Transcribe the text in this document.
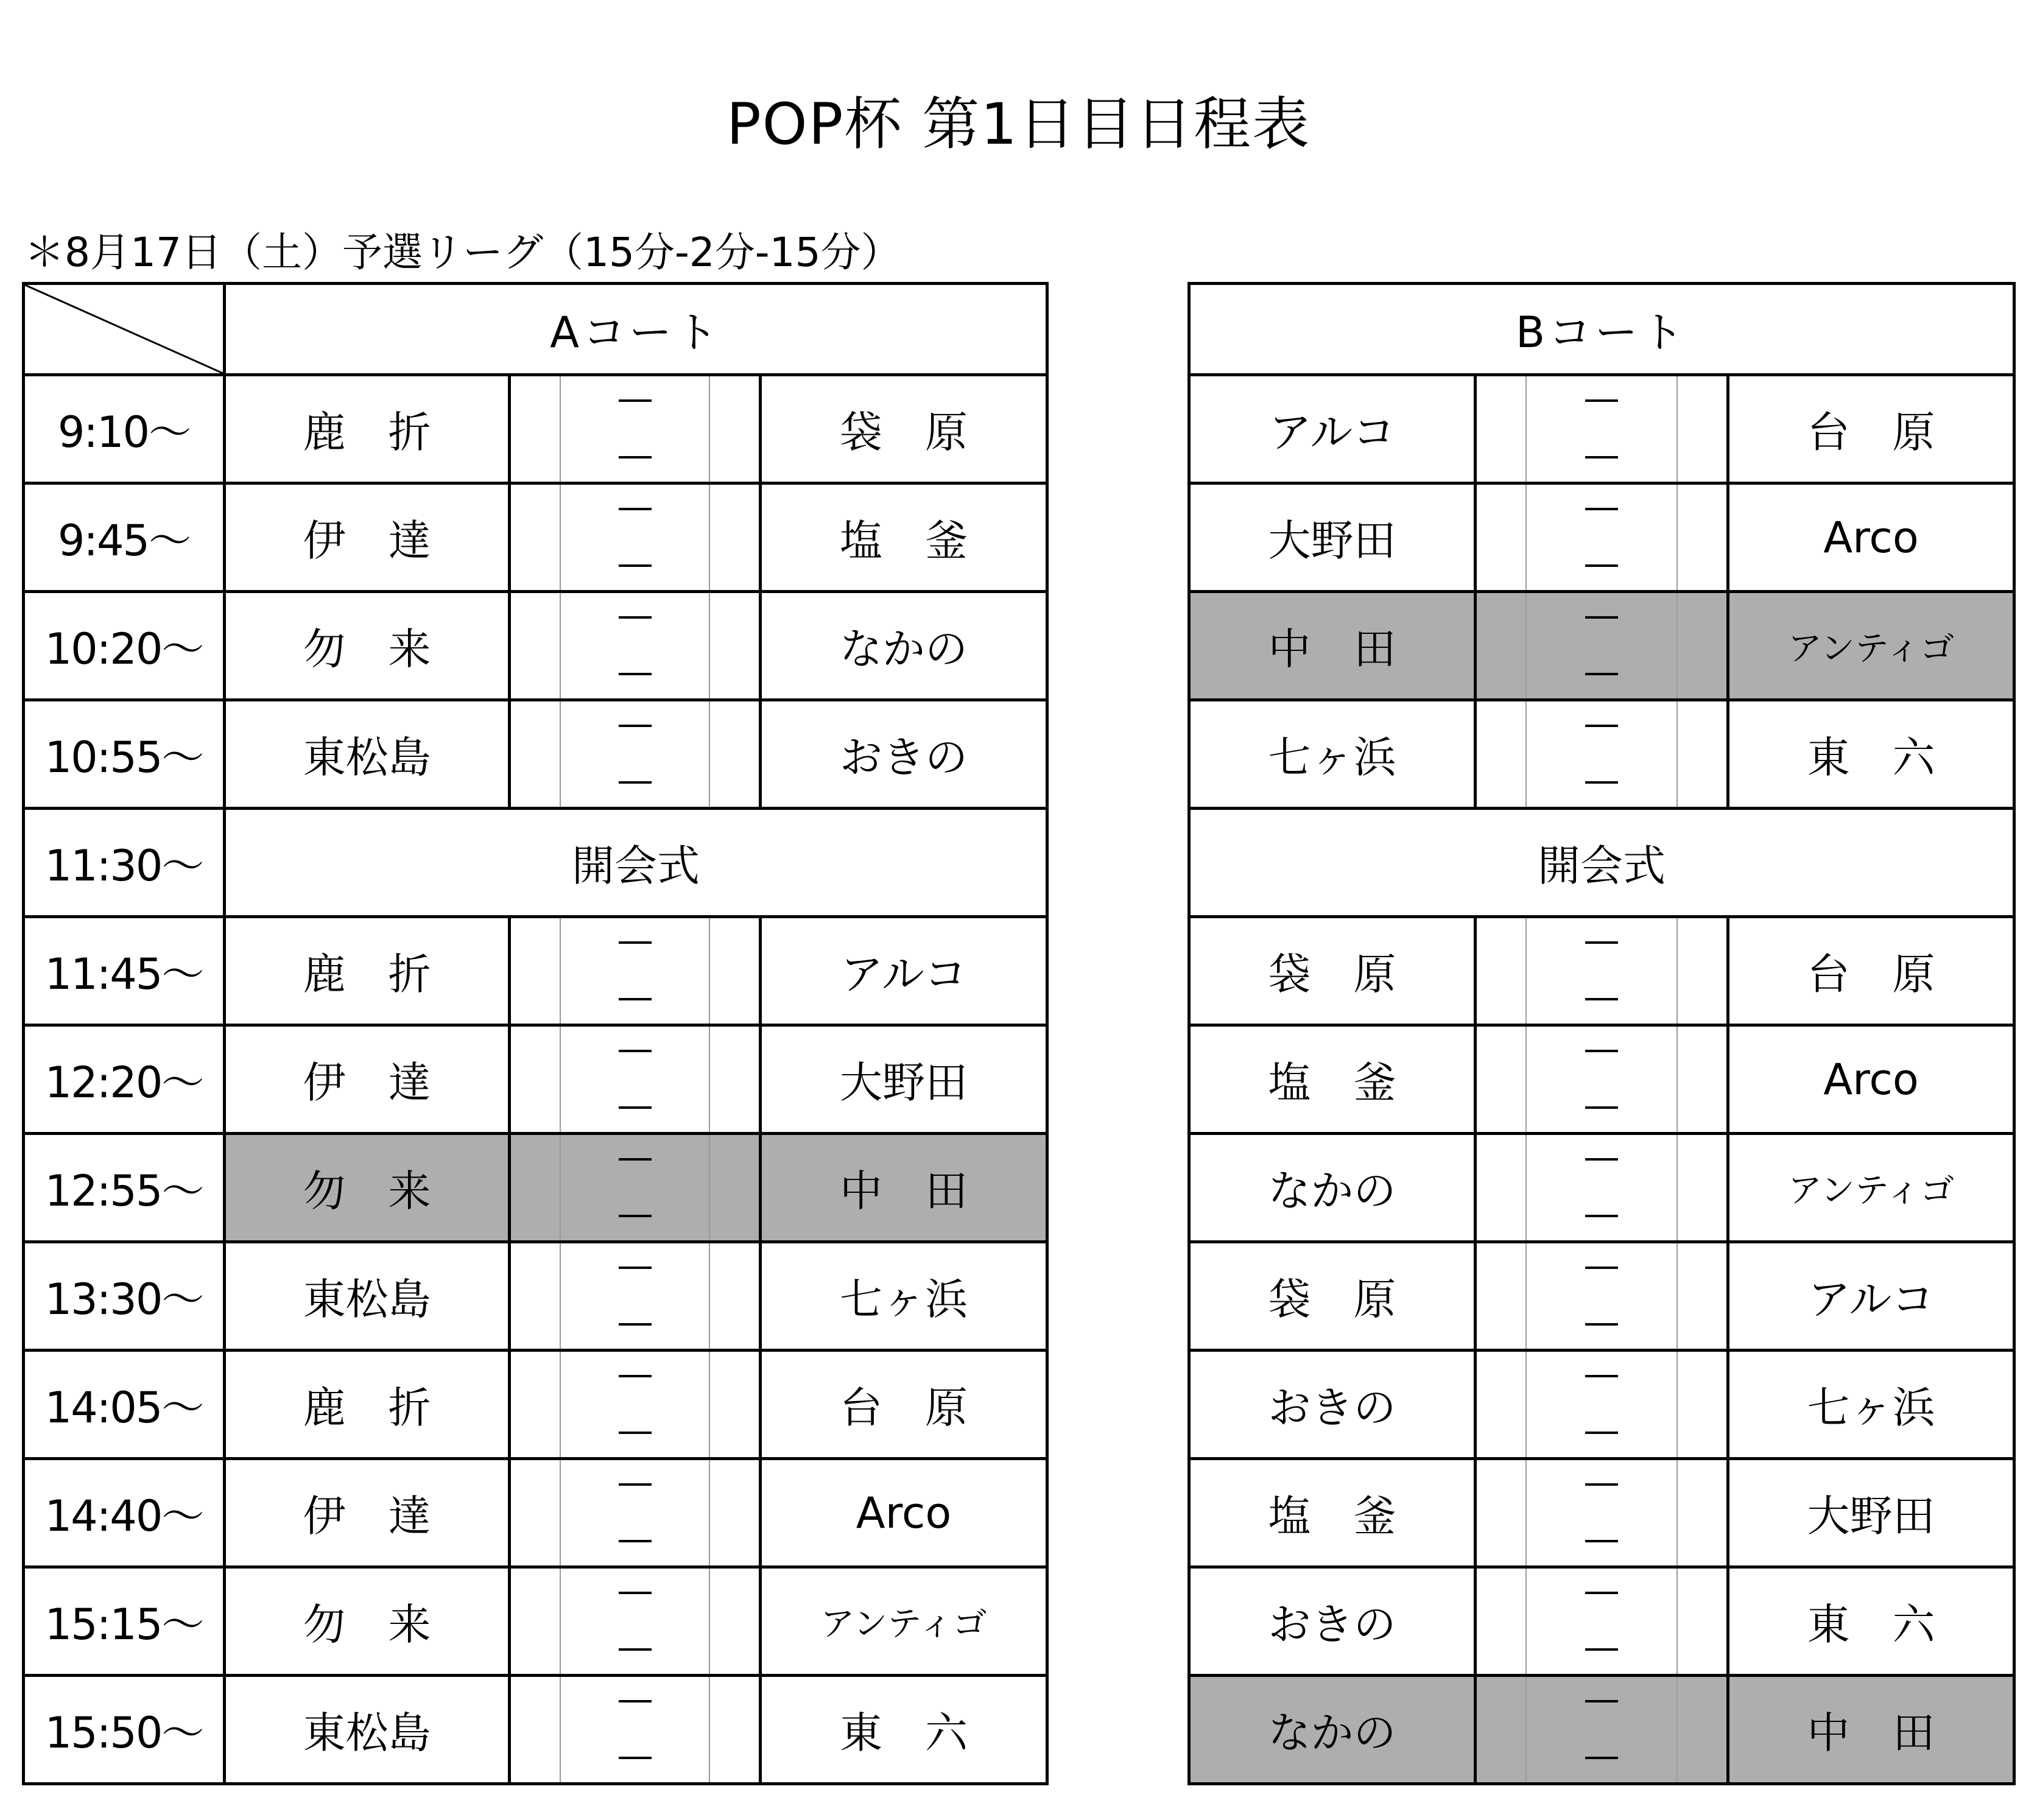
POP杯 第1日目日程表
＊8月17日（土）予選リーグ（15分-2分-15分）
	Aコート		
9:10～	鹿　折		袋　原
9:45～	伊　達		塩　釜
10:20～	勿　来		なかの
10:55～	東松島		おきの
11:30～	開会式		
11:45～	鹿　折		アルコ
12:20～	伊　達		大野田
12:55～	勿　来		中　田
13:30～	東松島		七ヶ浜
14:05～	鹿　折		台　原
14:40～	伊　達		Arco
15:15～	勿　来		アンティゴ
15:50～	東松島		東　六
Bコート		
アルコ		台　原
大野田		Arco
中　田		アンティゴ
七ヶ浜		東　六
開会式		
袋　原		台　原
塩　釜		Arco
なかの		アンティゴ
袋　原		アルコ
おきの		七ヶ浜
塩　釜		大野田
おきの		東　六
なかの		中　田
